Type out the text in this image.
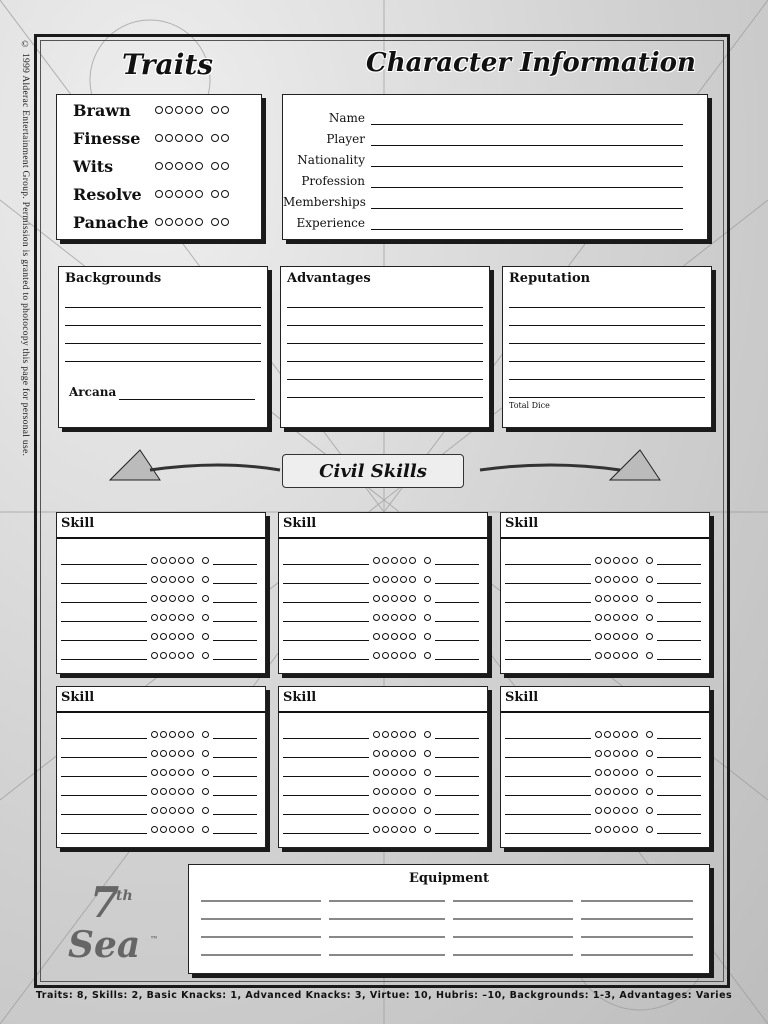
© 1999 Alderac Entertainment Group. Permission is granted to photocopy this page for personal use.	Traits	Character Information
Brawn
Finesse
Wits
Resolve
Panache
Name
Player
Nationality
Profession
Memberships
Experience
Backgrounds
Arcana
Advantages	Reputation
Total Dice
Civil Skills
Skill	Skill	Skill
Skill	Skill	Skill
Equipment
7
th
Sea ™
Traits: 8, Skills: 2, Basic Knacks: 1, Advanced Knacks: 3, Virtue: 10, Hubris: –10, Backgrounds: 1-3, Advantages: Varies
